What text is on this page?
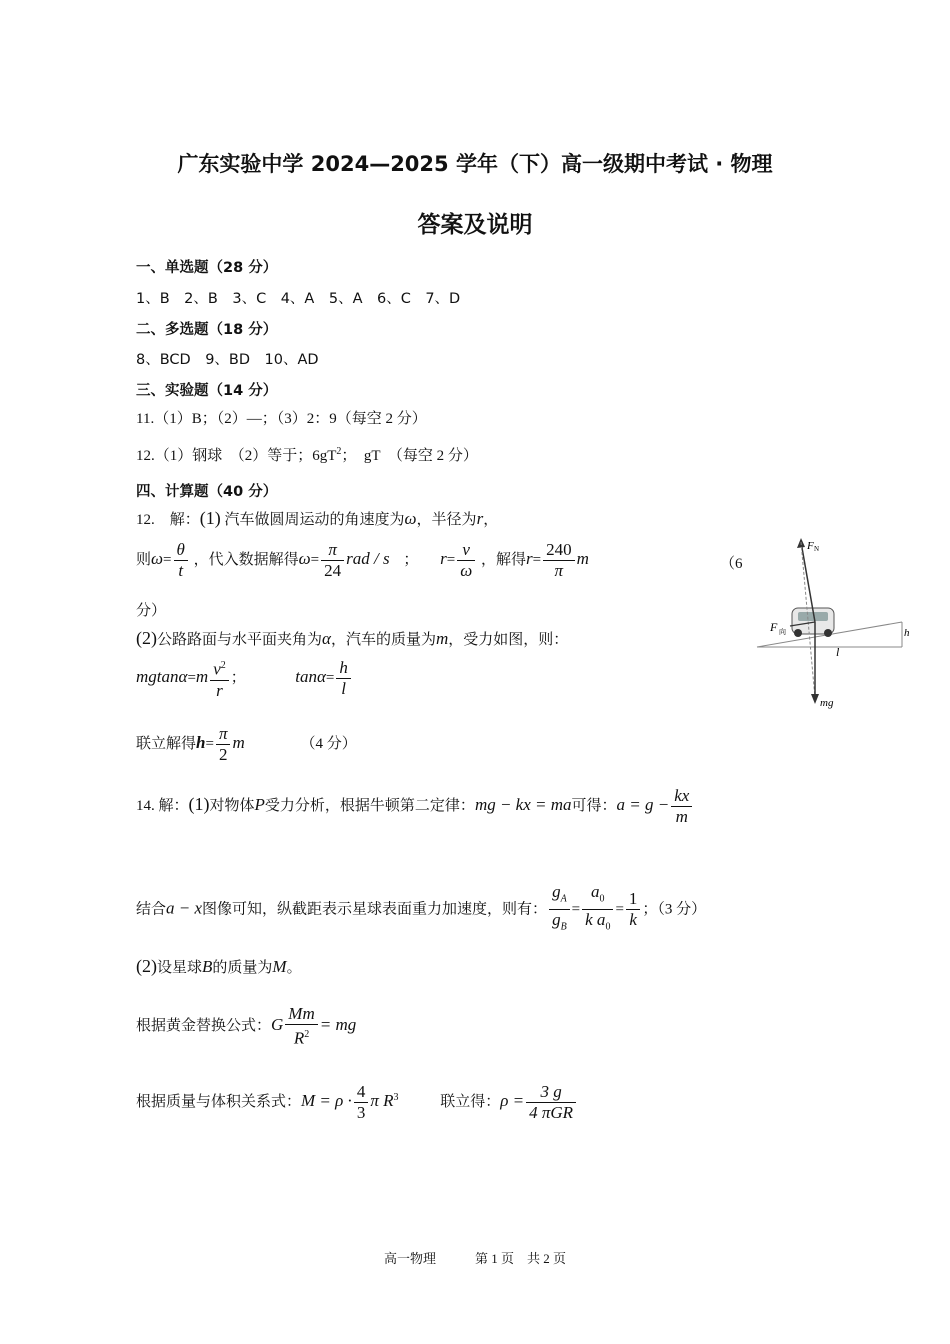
广东实验中学 2024—2025 学年（下）高一级期中考试 · 物理
答案及说明
一、单选题（28 分）
1、B　2、B　3、C　4、A　5、A　6、C　7、D
二、多选题（18 分）
8、BCD　9、BD　10、AD
三、实验题（14 分）
11.（1）B；（2）—；（3）2：9（每空 2 分）
12.（1）钢球　（2）等于；$6gT^2$；　gT　（每空 2 分）
四、计算题（40 分）
12.　解：(1) 汽车做圆周运动的角速度为ω，半径为r，
则$\omega= \frac{\theta}{t}$ ，代入数据解得$\omega= \frac{\pi}{24}$ rad / s ； $r= \frac{v}{\omega}$ ，解得$r= \frac{240}{\pi}$ m	（6
分）
(2)公路路面与水平面夹角为α，汽车的质量为m，受力如图，则：
$mgtan\alpha=m \frac{v^2}{r}$ ；	$\tan\alpha= \frac{h}{l}$
联立解得$h= \frac{\pi}{2}$ m	（4 分）
F N
F 向	h
l
mg
14. 解：(1)对物体P受力分析，根据牛顿第二定律：mg − kx = ma可得：$a = g - \frac{kx}{m}$
结合a − x图像可知，纵截距表示星球表面重力加速度，则有： $\frac{g_A}{g_B} = \frac{a_0}{k a_0} = \frac{1}{k}$ ；（3 分）
(2)设星球B的质量为M。
根据黄金替换公式：G $\frac{Mm}{R^2}$ = mg
根据质量与体积关系式：$M = \rho \cdot \frac{4}{3}$ π $R^3$	联立得：$\rho = \frac{3 g}{\text{4 πGR}}$
高一物理　　　第 1 页　共 2 页
